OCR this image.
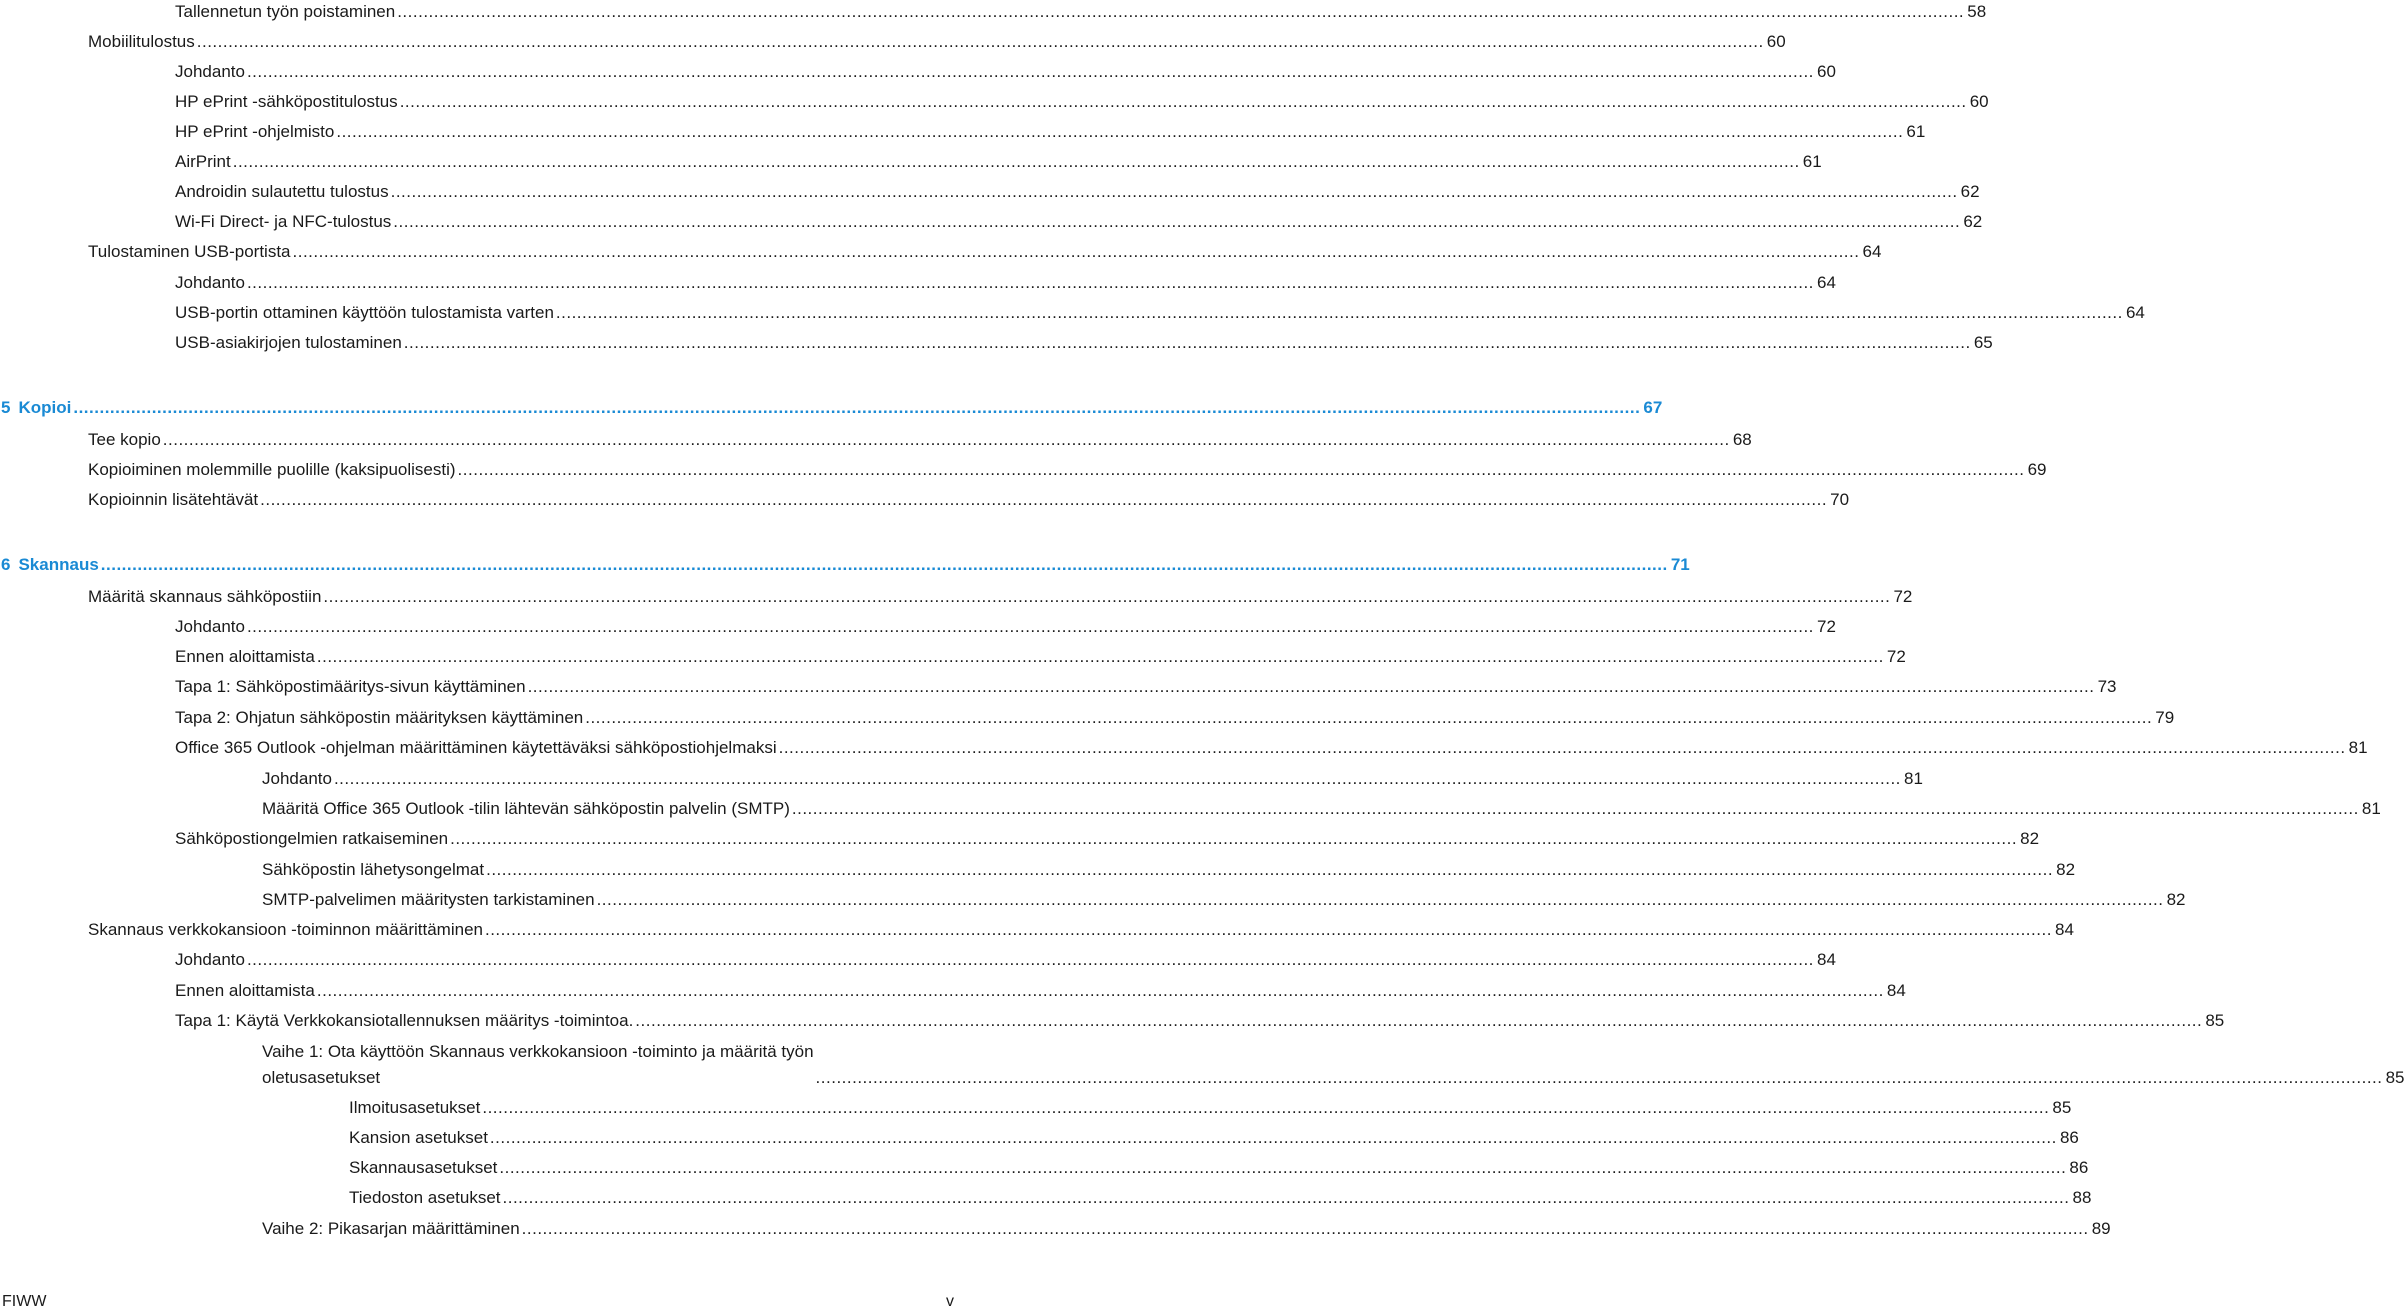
Tallennetun työn poistaminen ............................................................................................................................................................................................................................................................................................................ 58
Mobiilitulostus ............................................................................................................................................................................................................................................................................................................ 60
Johdanto ............................................................................................................................................................................................................................................................................................................ 60
HP ePrint -sähköpostitulostus ............................................................................................................................................................................................................................................................................................................ 60
HP ePrint -ohjelmisto ............................................................................................................................................................................................................................................................................................................ 61
AirPrint ............................................................................................................................................................................................................................................................................................................ 61
Androidin sulautettu tulostus ............................................................................................................................................................................................................................................................................................................ 62
Wi-Fi Direct- ja NFC-tulostus ............................................................................................................................................................................................................................................................................................................ 62
Tulostaminen USB-portista ............................................................................................................................................................................................................................................................................................................ 64
Johdanto ............................................................................................................................................................................................................................................................................................................ 64
USB-portin ottaminen käyttöön tulostamista varten ............................................................................................................................................................................................................................................................................................................ 64
USB-asiakirjojen tulostaminen ............................................................................................................................................................................................................................................................................................................ 65
5 Kopioi ............................................................................................................................................................................................................................................................................................................ 67
Tee kopio ............................................................................................................................................................................................................................................................................................................ 68
Kopioiminen molemmille puolille (kaksipuolisesti) ............................................................................................................................................................................................................................................................................................................ 69
Kopioinnin lisätehtävät ............................................................................................................................................................................................................................................................................................................ 70
6 Skannaus ............................................................................................................................................................................................................................................................................................................ 71
Määritä skannaus sähköpostiin ............................................................................................................................................................................................................................................................................................................ 72
Johdanto ............................................................................................................................................................................................................................................................................................................ 72
Ennen aloittamista ............................................................................................................................................................................................................................................................................................................ 72
Tapa 1: Sähköpostimääritys-sivun käyttäminen ............................................................................................................................................................................................................................................................................................................ 73
Tapa 2: Ohjatun sähköpostin määrityksen käyttäminen ............................................................................................................................................................................................................................................................................................................ 79
Office 365 Outlook -ohjelman määrittäminen käytettäväksi sähköpostiohjelmaksi ............................................................................................................................................................................................................................................................................................................ 81
Johdanto ............................................................................................................................................................................................................................................................................................................ 81
Määritä Office 365 Outlook -tilin lähtevän sähköpostin palvelin (SMTP) ............................................................................................................................................................................................................................................................................................................ 81
Sähköpostiongelmien ratkaiseminen ............................................................................................................................................................................................................................................................................................................ 82
Sähköpostin lähetysongelmat ............................................................................................................................................................................................................................................................................................................ 82
SMTP-palvelimen määritysten tarkistaminen ............................................................................................................................................................................................................................................................................................................ 82
Skannaus verkkokansioon -toiminnon määrittäminen ............................................................................................................................................................................................................................................................................................................ 84
Johdanto ............................................................................................................................................................................................................................................................................................................ 84
Ennen aloittamista ............................................................................................................................................................................................................................................................................................................ 84
Tapa 1: Käytä Verkkokansiotallennuksen määritys -toimintoa. ............................................................................................................................................................................................................................................................................................................ 85
Vaihe 1: Ota käyttöön Skannaus verkkokansioon -toiminto ja määritä työn
oletusasetukset	............................................................................................................................................................................................................................................................................................................ 85
Ilmoitusasetukset ............................................................................................................................................................................................................................................................................................................ 85
Kansion asetukset ............................................................................................................................................................................................................................................................................................................ 86
Skannausasetukset ............................................................................................................................................................................................................................................................................................................ 86
Tiedoston asetukset ............................................................................................................................................................................................................................................................................................................ 88
Vaihe 2: Pikasarjan määrittäminen ............................................................................................................................................................................................................................................................................................................ 89
FIWW	v
